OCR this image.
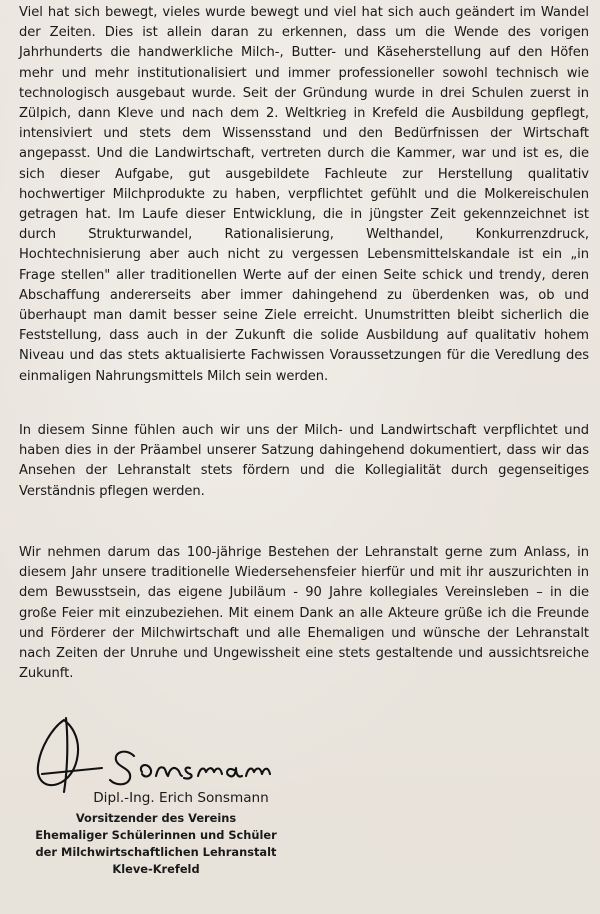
Viel hat sich bewegt, vieles wurde bewegt und viel hat sich auch geändert im Wandel der Zeiten. Dies ist allein daran zu erkennen, dass um die Wende des vorigen Jahrhunderts die handwerkliche Milch-, Butter- und Käseherstellung auf den Höfen mehr und mehr institutionalisiert und immer professioneller sowohl technisch wie technologisch ausgebaut wurde. Seit der Gründung wurde in drei Schulen zuerst in Zülpich, dann Kleve und nach dem 2. Weltkrieg in Krefeld die Ausbildung gepflegt, intensiviert und stets dem Wissensstand und den Bedürfnissen der Wirtschaft angepasst. Und die Landwirtschaft, vertreten durch die Kammer, war und ist es, die sich dieser Aufgabe, gut ausgebildete Fachleute zur Herstellung qualitativ hochwertiger Milchprodukte zu haben, verpflichtet gefühlt und die Molkereischulen getragen hat. Im Laufe dieser Entwicklung, die in jüngster Zeit gekennzeichnet ist durch Strukturwandel, Rationalisierung, Welthandel, Konkurrenzdruck, Hochtechnisierung aber auch nicht zu vergessen Lebensmittelskandale ist ein „in Frage stellen" aller traditionellen Werte auf der einen Seite schick und trendy, deren Abschaffung andererseits aber immer dahingehend zu überdenken was, ob und überhaupt man damit besser seine Ziele erreicht. Unumstritten bleibt sicherlich die Feststellung, dass auch in der Zukunft die solide Ausbildung auf qualitativ hohem Niveau und das stets aktualisierte Fachwissen Voraussetzungen für die Veredlung des einmaligen Nahrungsmittels Milch sein werden.

In diesem Sinne fühlen auch wir uns der Milch- und Landwirtschaft verpflichtet und haben dies in der Präambel unserer Satzung dahingehend dokumentiert, dass wir das Ansehen der Lehranstalt stets fördern und die Kollegialität durch gegenseitiges Verständnis pflegen werden.

Wir nehmen darum das 100-jährige Bestehen der Lehranstalt gerne zum Anlass, in diesem Jahr unsere traditionelle Wiedersehensfeier hierfür und mit ihr auszurichten in dem Bewusstsein, das eigene Jubiläum - 90 Jahre kollegiales Vereinsleben – in die große Feier mit einzubeziehen. Mit einem Dank an alle Akteure grüße ich die Freunde und Förderer der Milchwirtschaft und alle Ehemaligen und wünsche der Lehranstalt nach Zeiten der Unruhe und Ungewissheit eine stets gestaltende und aussichtsreiche Zukunft.

Dipl.-Ing. Erich Sonsmann

Vorsitzender des Vereins

Ehemaliger Schülerinnen und Schüler

der Milchwirtschaftlichen Lehranstalt

Kleve-Krefeld
